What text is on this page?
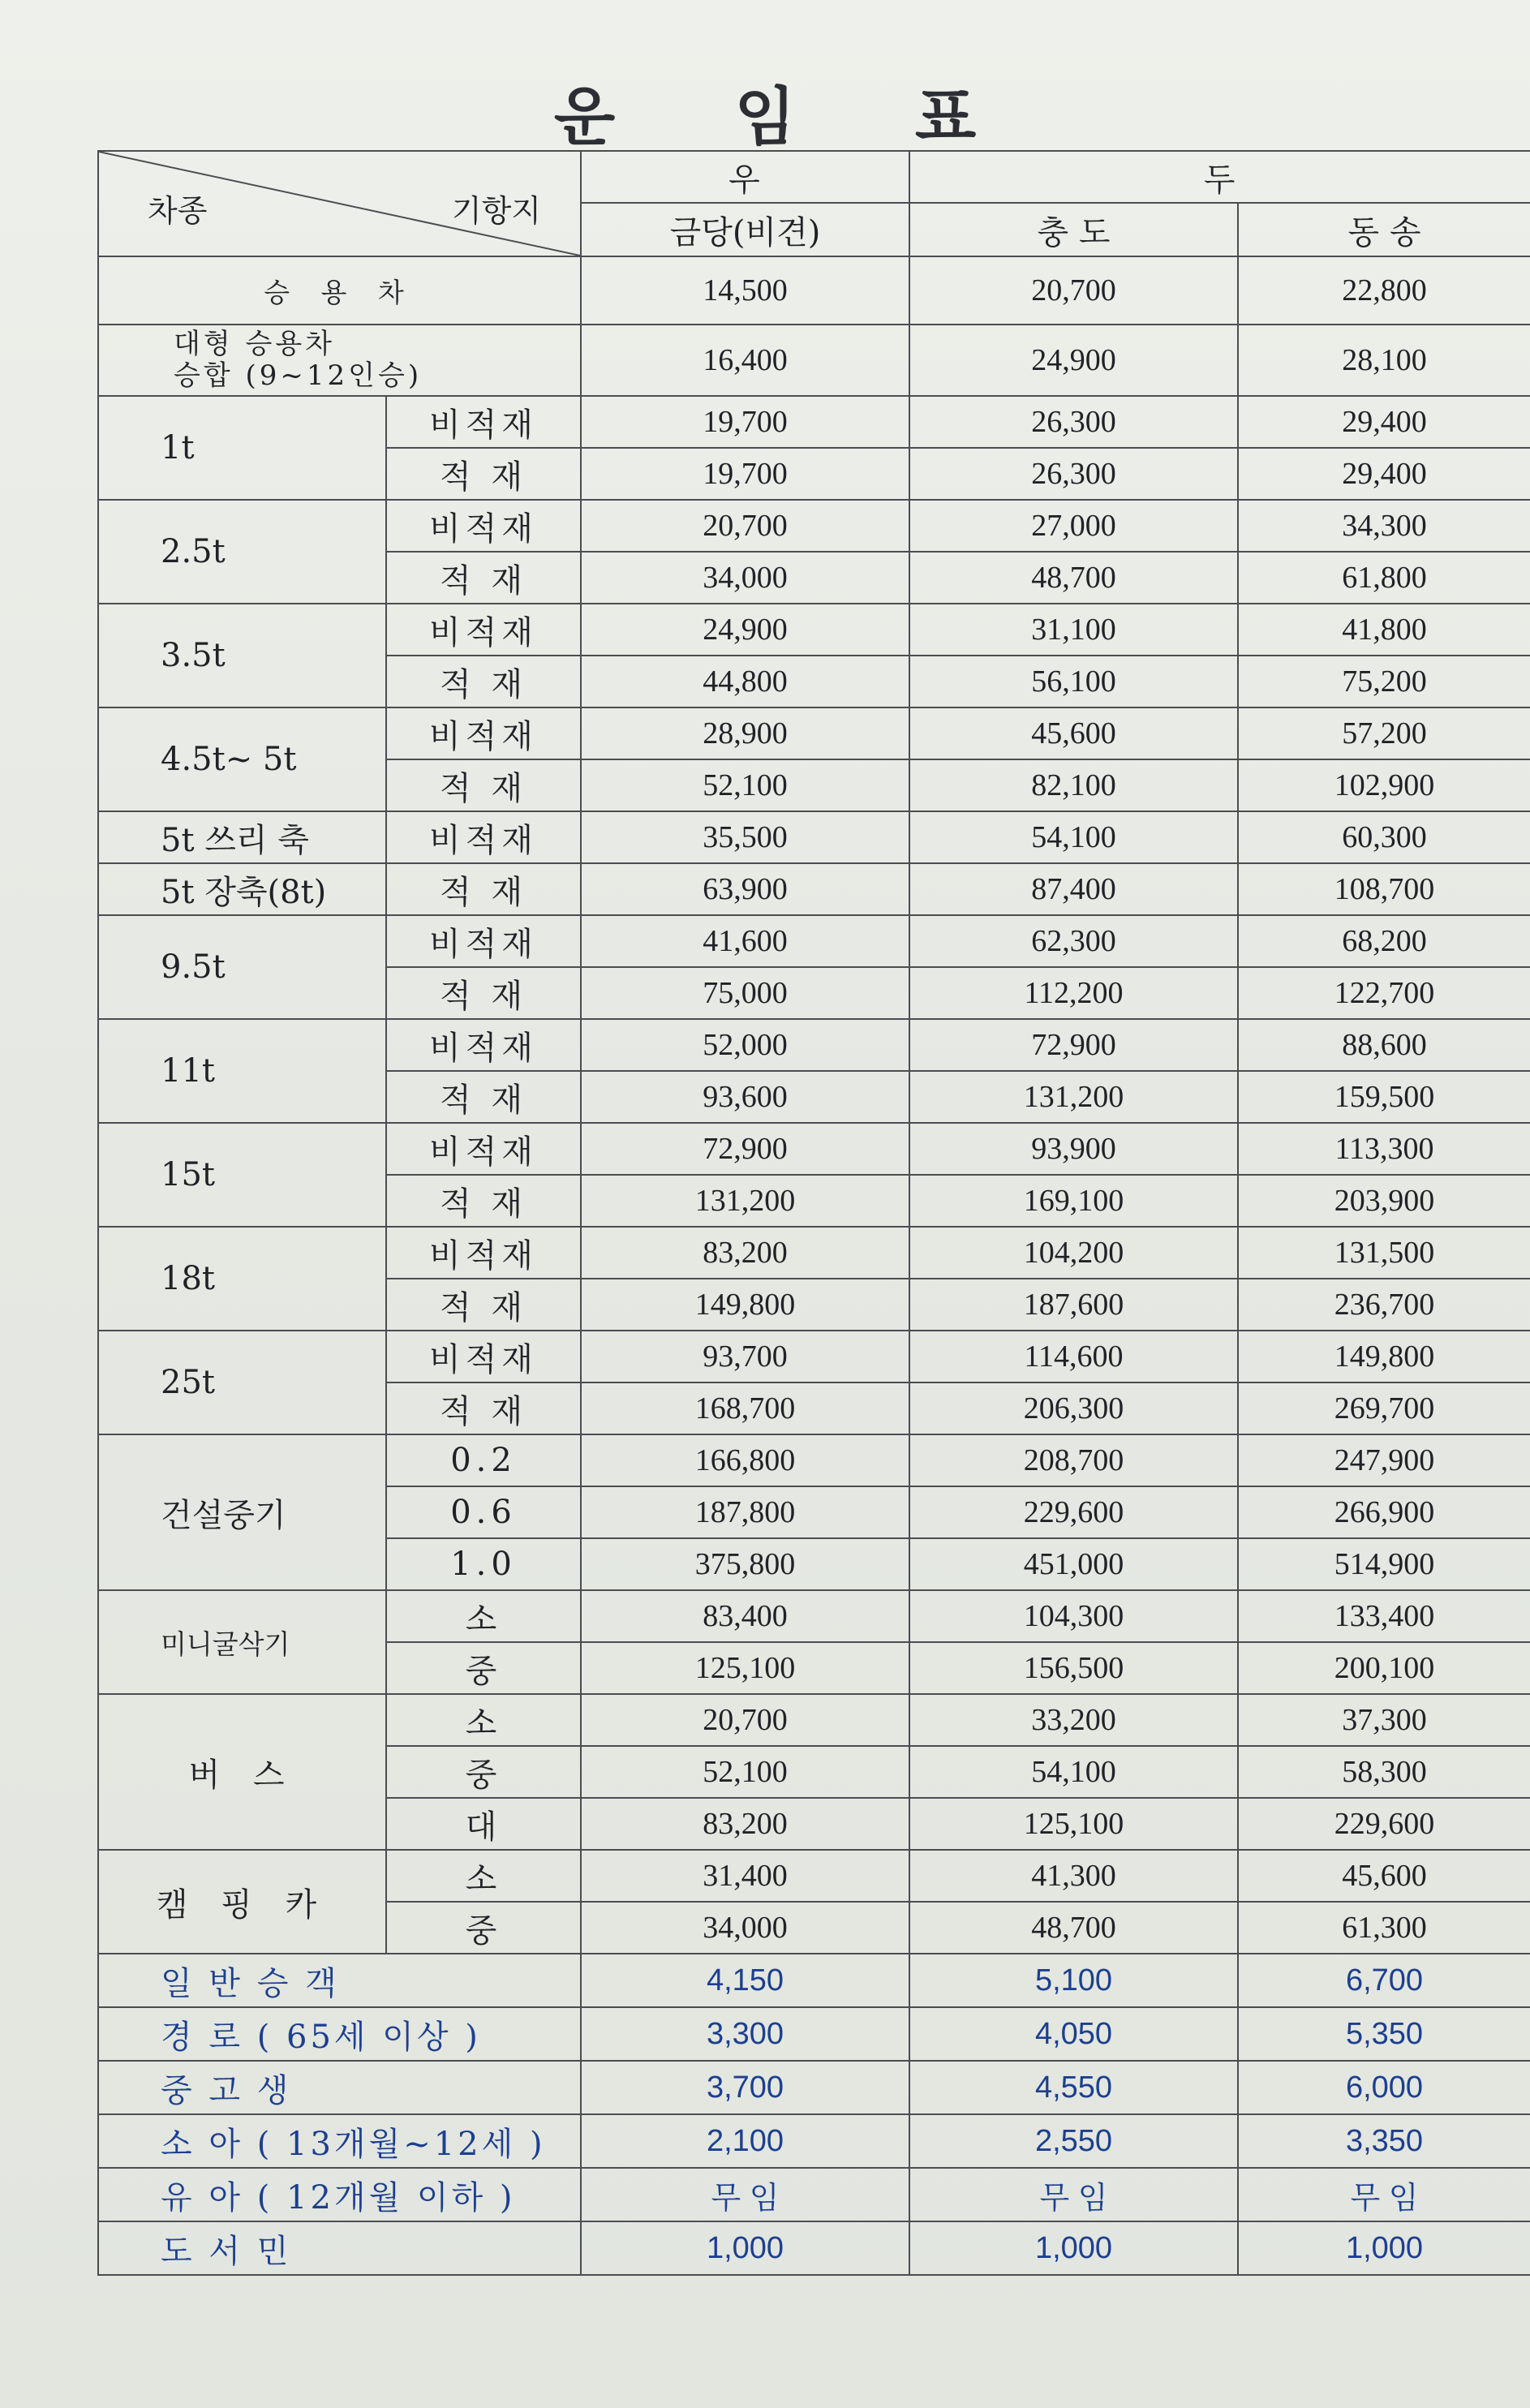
운 임 표
차종 기항지		우	두	
		금당(비견)	충 도	동 송
승 용 차		14,500	20,700	22,800

대형 승용차
승합 (9~12인승)		16,400	24,900	28,100
1t	비적재	19,700	26,300	29,400
	적 재	19,700	26,300	29,400
2.5t	비적재	20,700	27,000	34,300
	적 재	34,000	48,700	61,800
3.5t	비적재	24,900	31,100	41,800
	적 재	44,800	56,100	75,200
4.5t~ 5t	비적재	28,900	45,600	57,200
	적 재	52,100	82,100	102,900
5t 쓰리 축	비적재	35,500	54,100	60,300
5t 장축(8t)	적 재	63,900	87,400	108,700
9.5t	비적재	41,600	62,300	68,200
	적 재	75,000	112,200	122,700
11t	비적재	52,000	72,900	88,600
	적 재	93,600	131,200	159,500
15t	비적재	72,900	93,900	113,300
	적 재	131,200	169,100	203,900
18t	비적재	83,200	104,200	131,500
	적 재	149,800	187,600	236,700
25t	비적재	93,700	114,600	149,800
	적 재	168,700	206,300	269,700
건설중기	0.2	166,800	208,700	247,900
	0.6	187,800	229,600	266,900
	1.0	375,800	451,000	514,900
미니굴삭기	소	83,400	104,300	133,400
	중	125,100	156,500	200,100
버 스	소	20,700	33,200	37,300
	중	52,100	54,100	58,300
	대	83,200	125,100	229,600
캠 핑 카	소	31,400	41,300	45,600
	중	34,000	48,700	61,300
일 반 승 객		4,150	5,100	6,700
경 로 ( 65세 이상 )		3,300	4,050	5,350
중 고 생		3,700	4,550	6,000
소 아 ( 13개월~12세 )		2,100	2,550	3,350
유 아 ( 12개월 이하 )		무 임	무 임	무 임
도 서 민		1,000	1,000	1,000
